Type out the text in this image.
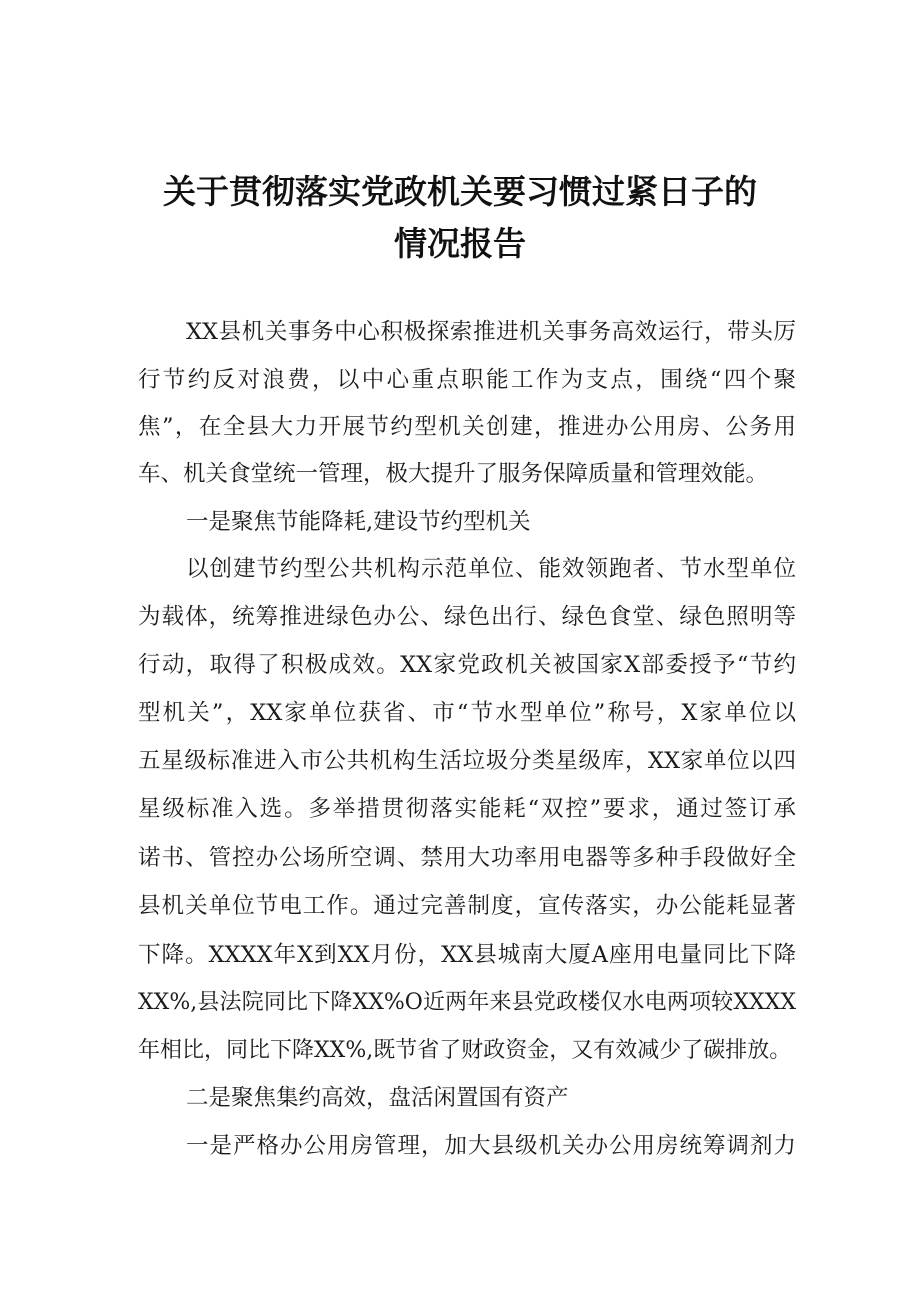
关于贯彻落实党政机关要习惯过紧日子的
情况报告
XX县机关事务中心积极探索推进机关事务高效运行，带头厉
行节约反对浪费，以中心重点职能工作为支点，围绕“四个聚
焦”，在全县大力开展节约型机关创建，推进办公用房、公务用
车、机关食堂统一管理，极大提升了服务保障质量和管理效能。
一是聚焦节能降耗,建设节约型机关
以创建节约型公共机构示范单位、能效领跑者、节水型单位
为载体，统筹推进绿色办公、绿色出行、绿色食堂、绿色照明等
行动，取得了积极成效。XX家党政机关被国家X部委授予“节约
型机关”，XX家单位获省、市“节水型单位”称号，X家单位以
五星级标准进入市公共机构生活垃圾分类星级库，XX家单位以四
星级标准入选。多举措贯彻落实能耗“双控”要求，通过签订承
诺书、管控办公场所空调、禁用大功率用电器等多种手段做好全
县机关单位节电工作。通过完善制度，宣传落实，办公能耗显著
下降。XXXX年X到XX月份，XX县城南大厦A座用电量同比下降
XX%,县法院同比下降XX%O近两年来县党政楼仅水电两项较XXXX
年相比，同比下降XX%,既节省了财政资金，又有效减少了碳排放。
二是聚焦集约高效，盘活闲置国有资产
一是严格办公用房管理，加大县级机关办公用房统筹调剂力
